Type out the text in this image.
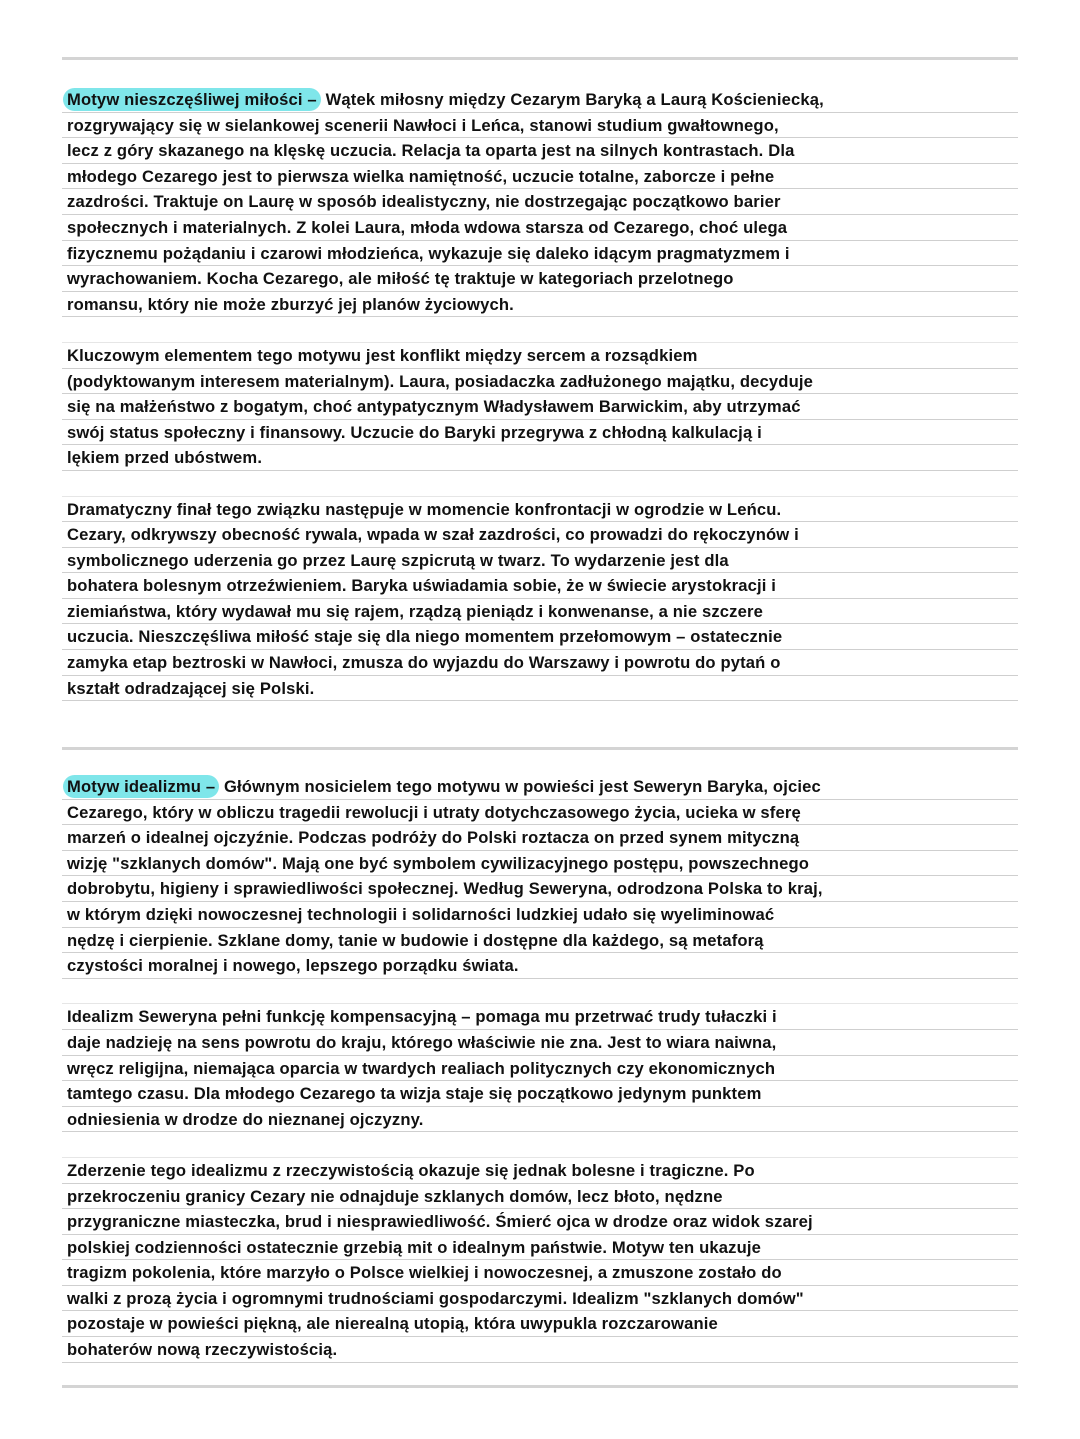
Motyw nieszczęśliwej miłości – Wątek miłosny między Cezarym Baryką a Laurą Kościeniecką,
rozgrywający się w sielankowej scenerii Nawłoci i Leńca, stanowi studium gwałtownego,
lecz z góry skazanego na klęskę uczucia. Relacja ta oparta jest na silnych kontrastach. Dla
młodego Cezarego jest to pierwsza wielka namiętność, uczucie totalne, zaborcze i pełne
zazdrości. Traktuje on Laurę w sposób idealistyczny, nie dostrzegając początkowo barier
społecznych i materialnych. Z kolei Laura, młoda wdowa starsza od Cezarego, choć ulega
fizycznemu pożądaniu i czarowi młodzieńca, wykazuje się daleko idącym pragmatyzmem i
wyrachowaniem. Kocha Cezarego, ale miłość tę traktuje w kategoriach przelotnego
romansu, który nie może zburzyć jej planów życiowych.
Kluczowym elementem tego motywu jest konflikt między sercem a rozsądkiem
(podyktowanym interesem materialnym). Laura, posiadaczka zadłużonego majątku, decyduje
się na małżeństwo z bogatym, choć antypatycznym Władysławem Barwickim, aby utrzymać
swój status społeczny i finansowy. Uczucie do Baryki przegrywa z chłodną kalkulacją i
lękiem przed ubóstwem.
Dramatyczny finał tego związku następuje w momencie konfrontacji w ogrodzie w Leńcu.
Cezary, odkrywszy obecność rywala, wpada w szał zazdrości, co prowadzi do rękoczynów i
symbolicznego uderzenia go przez Laurę szpicrutą w twarz. To wydarzenie jest dla
bohatera bolesnym otrzeźwieniem. Baryka uświadamia sobie, że w świecie arystokracji i
ziemiaństwa, który wydawał mu się rajem, rządzą pieniądz i konwenanse, a nie szczere
uczucia. Nieszczęśliwa miłość staje się dla niego momentem przełomowym – ostatecznie
zamyka etap beztroski w Nawłoci, zmusza do wyjazdu do Warszawy i powrotu do pytań o
kształt odradzającej się Polski.
Motyw idealizmu – Głównym nosicielem tego motywu w powieści jest Seweryn Baryka, ojciec
Cezarego, który w obliczu tragedii rewolucji i utraty dotychczasowego życia, ucieka w sferę
marzeń o idealnej ojczyźnie. Podczas podróży do Polski roztacza on przed synem mityczną
wizję "szklanych domów". Mają one być symbolem cywilizacyjnego postępu, powszechnego
dobrobytu, higieny i sprawiedliwości społecznej. Według Seweryna, odrodzona Polska to kraj,
w którym dzięki nowoczesnej technologii i solidarności ludzkiej udało się wyeliminować
nędzę i cierpienie. Szklane domy, tanie w budowie i dostępne dla każdego, są metaforą
czystości moralnej i nowego, lepszego porządku świata.
Idealizm Seweryna pełni funkcję kompensacyjną – pomaga mu przetrwać trudy tułaczki i
daje nadzieję na sens powrotu do kraju, którego właściwie nie zna. Jest to wiara naiwna,
wręcz religijna, niemająca oparcia w twardych realiach politycznych czy ekonomicznych
tamtego czasu. Dla młodego Cezarego ta wizja staje się początkowo jedynym punktem
odniesienia w drodze do nieznanej ojczyzny.
Zderzenie tego idealizmu z rzeczywistością okazuje się jednak bolesne i tragiczne. Po
przekroczeniu granicy Cezary nie odnajduje szklanych domów, lecz błoto, nędzne
przygraniczne miasteczka, brud i niesprawiedliwość. Śmierć ojca w drodze oraz widok szarej
polskiej codzienności ostatecznie grzebią mit o idealnym państwie. Motyw ten ukazuje
tragizm pokolenia, które marzyło o Polsce wielkiej i nowoczesnej, a zmuszone zostało do
walki z prozą życia i ogromnymi trudnościami gospodarczymi. Idealizm "szklanych domów"
pozostaje w powieści piękną, ale nierealną utopią, która uwypukla rozczarowanie
bohaterów nową rzeczywistością.
